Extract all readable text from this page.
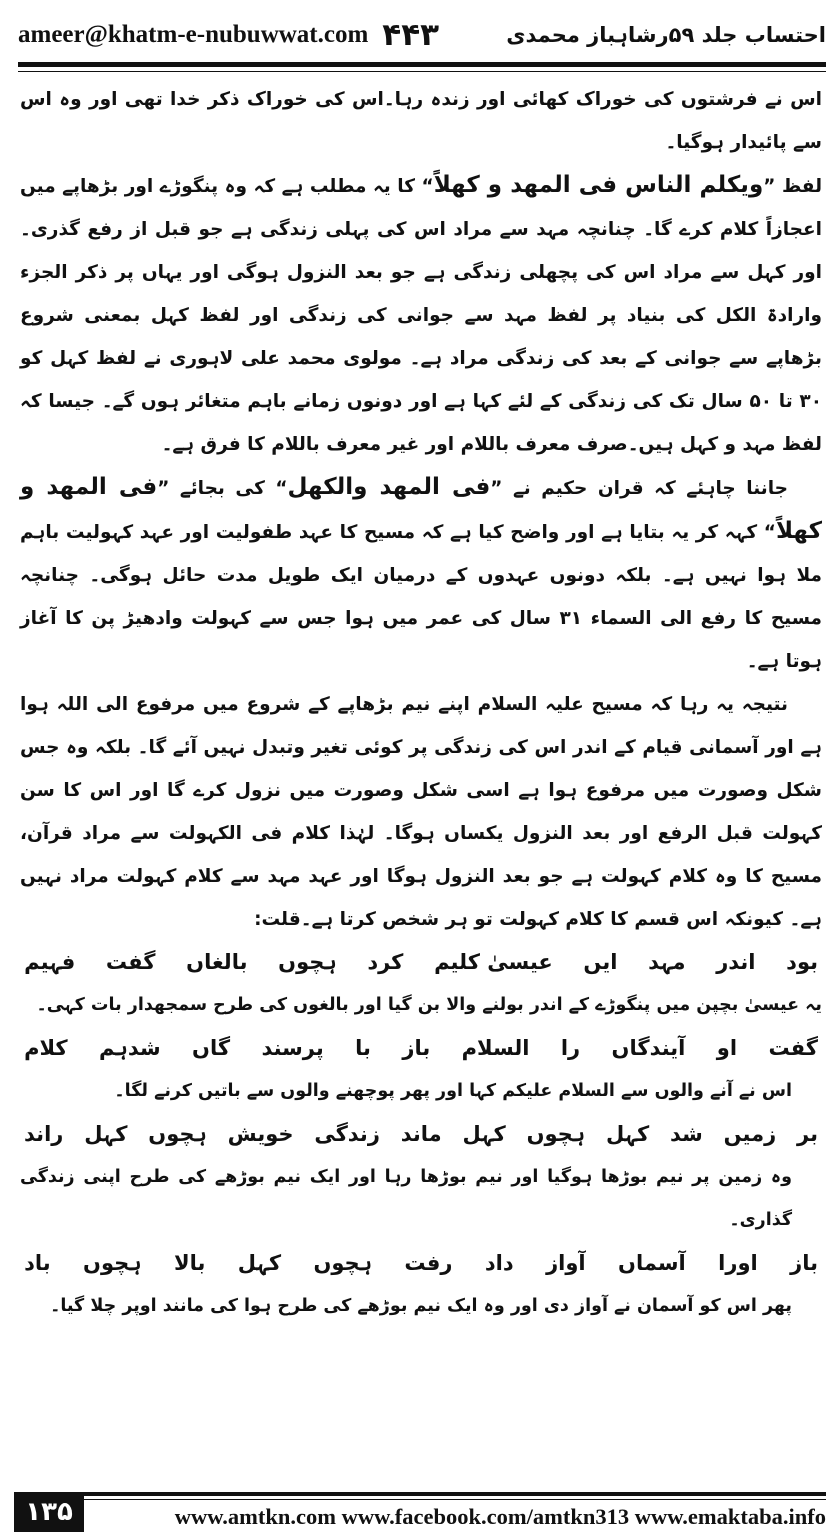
ameer@khatm-e-nubuwwat.com ۴۴۳	احتساب جلد ۵۹رشاہباز محمدی

اس نے فرشتوں کی خوراک کھائی اور زندہ رہا۔اس کی خوراک ذکر خدا تھی اور وہ اس سے پائیدار ہوگیا۔

لفظ ”ویکلم الناس فی المهد و کهلاً“ کا یہ مطلب ہے کہ وہ پنگوڑے اور بڑھاپے میں اعجازاً کلام کرے گا۔ چنانچہ مہد سے مراد اس کی پہلی زندگی ہے جو قبل از رفع گذری۔ اور کہل سے مراد اس کی پچھلی زندگی ہے جو بعد النزول ہوگی اور یہاں پر ذکر الجزء وارادۃ الکل کی بنیاد پر لفظ مہد سے جوانی کی زندگی اور لفظ کہل بمعنی شروع بڑھاپے سے جوانی کے بعد کی زندگی مراد ہے۔ مولوی محمد علی لاہوری نے لفظ کہل کو ۳۰ تا ۵۰ سال تک کی زندگی کے لئے کہا ہے اور دونوں زمانے باہم متغائر ہوں گے۔ جیسا کہ لفظ مہد و کہل ہیں۔صرف معرف باللام اور غیر معرف باللام کا فرق ہے۔

جاننا چاہئے کہ قران حکیم نے ”فی المهد والکهل“ کی بجائے ”فی المهد و کهلاً“ کہہ کر یہ بتایا ہے اور واضح کیا ہے کہ مسیح کا عہد طفولیت اور عہد کہولیت باہم ملا ہوا نہیں ہے۔ بلکہ دونوں عہدوں کے درمیان ایک طویل مدت حائل ہوگی۔ چنانچہ مسیح کا رفع الی السماء ۳۱ سال کی عمر میں ہوا جس سے کہولت وادھیڑ پن کا آغاز ہوتا ہے۔

نتیجہ یہ رہا کہ مسیح علیہ السلام اپنے نیم بڑھاپے کے شروع میں مرفوع الی اللہ ہوا ہے اور آسمانی قیام کے اندر اس کی زندگی پر کوئی تغیر وتبدل نہیں آئے گا۔ بلکہ وہ جس شکل وصورت میں مرفوع ہوا ہے اسی شکل وصورت میں نزول کرے گا اور اس کا سن کہولت قبل الرفع اور بعد النزول یکساں ہوگا۔ لہٰذا کلام فی الکہولت سے مراد قرآن، مسیح کا وہ کلام کہولت ہے جو بعد النزول ہوگا اور عہد مہد سے کلام کہولت مراد نہیں ہے۔ کیونکہ اس قسم کا کلام کہولت تو ہر شخص کرتا ہے۔قلت:

بود
اندر
مہد
ایں
عیسیٰ کلیم
کرد
ہچوں
بالغاں
گفت
فہیم

یہ عیسیٰ بچپن میں پنگوڑے کے اندر بولنے والا بن گیا اور بالغوں کی طرح سمجھدار بات کہی۔

گفت
او
آیندگاں
را
السلام
باز
با
پرسند
گاں
شدہم
کلام

اس نے آنے والوں سے السلام علیکم کہا اور پھر پوچھنے والوں سے باتیں کرنے لگا۔

بر
زمیں
شد
کہل
ہچوں
کہل
ماند
زندگی
خویش
ہچوں
کہل
راند

وہ زمین پر نیم بوڑھا ہوگیا اور نیم بوڑھا رہا اور ایک نیم بوڑھے کی طرح اپنی زندگی گذاری۔

باز
اورا
آسماں
آواز
داد
رفت
ہچوں
کہل
بالا
ہچوں
باد

پھر اس کو آسمان نے آواز دی اور وہ ایک نیم بوڑھے کی طرح ہوا کی مانند اوپر چلا گیا۔

۱۳۵	www.amtkn.com www.facebook.com/amtkn313 www.emaktaba.info
